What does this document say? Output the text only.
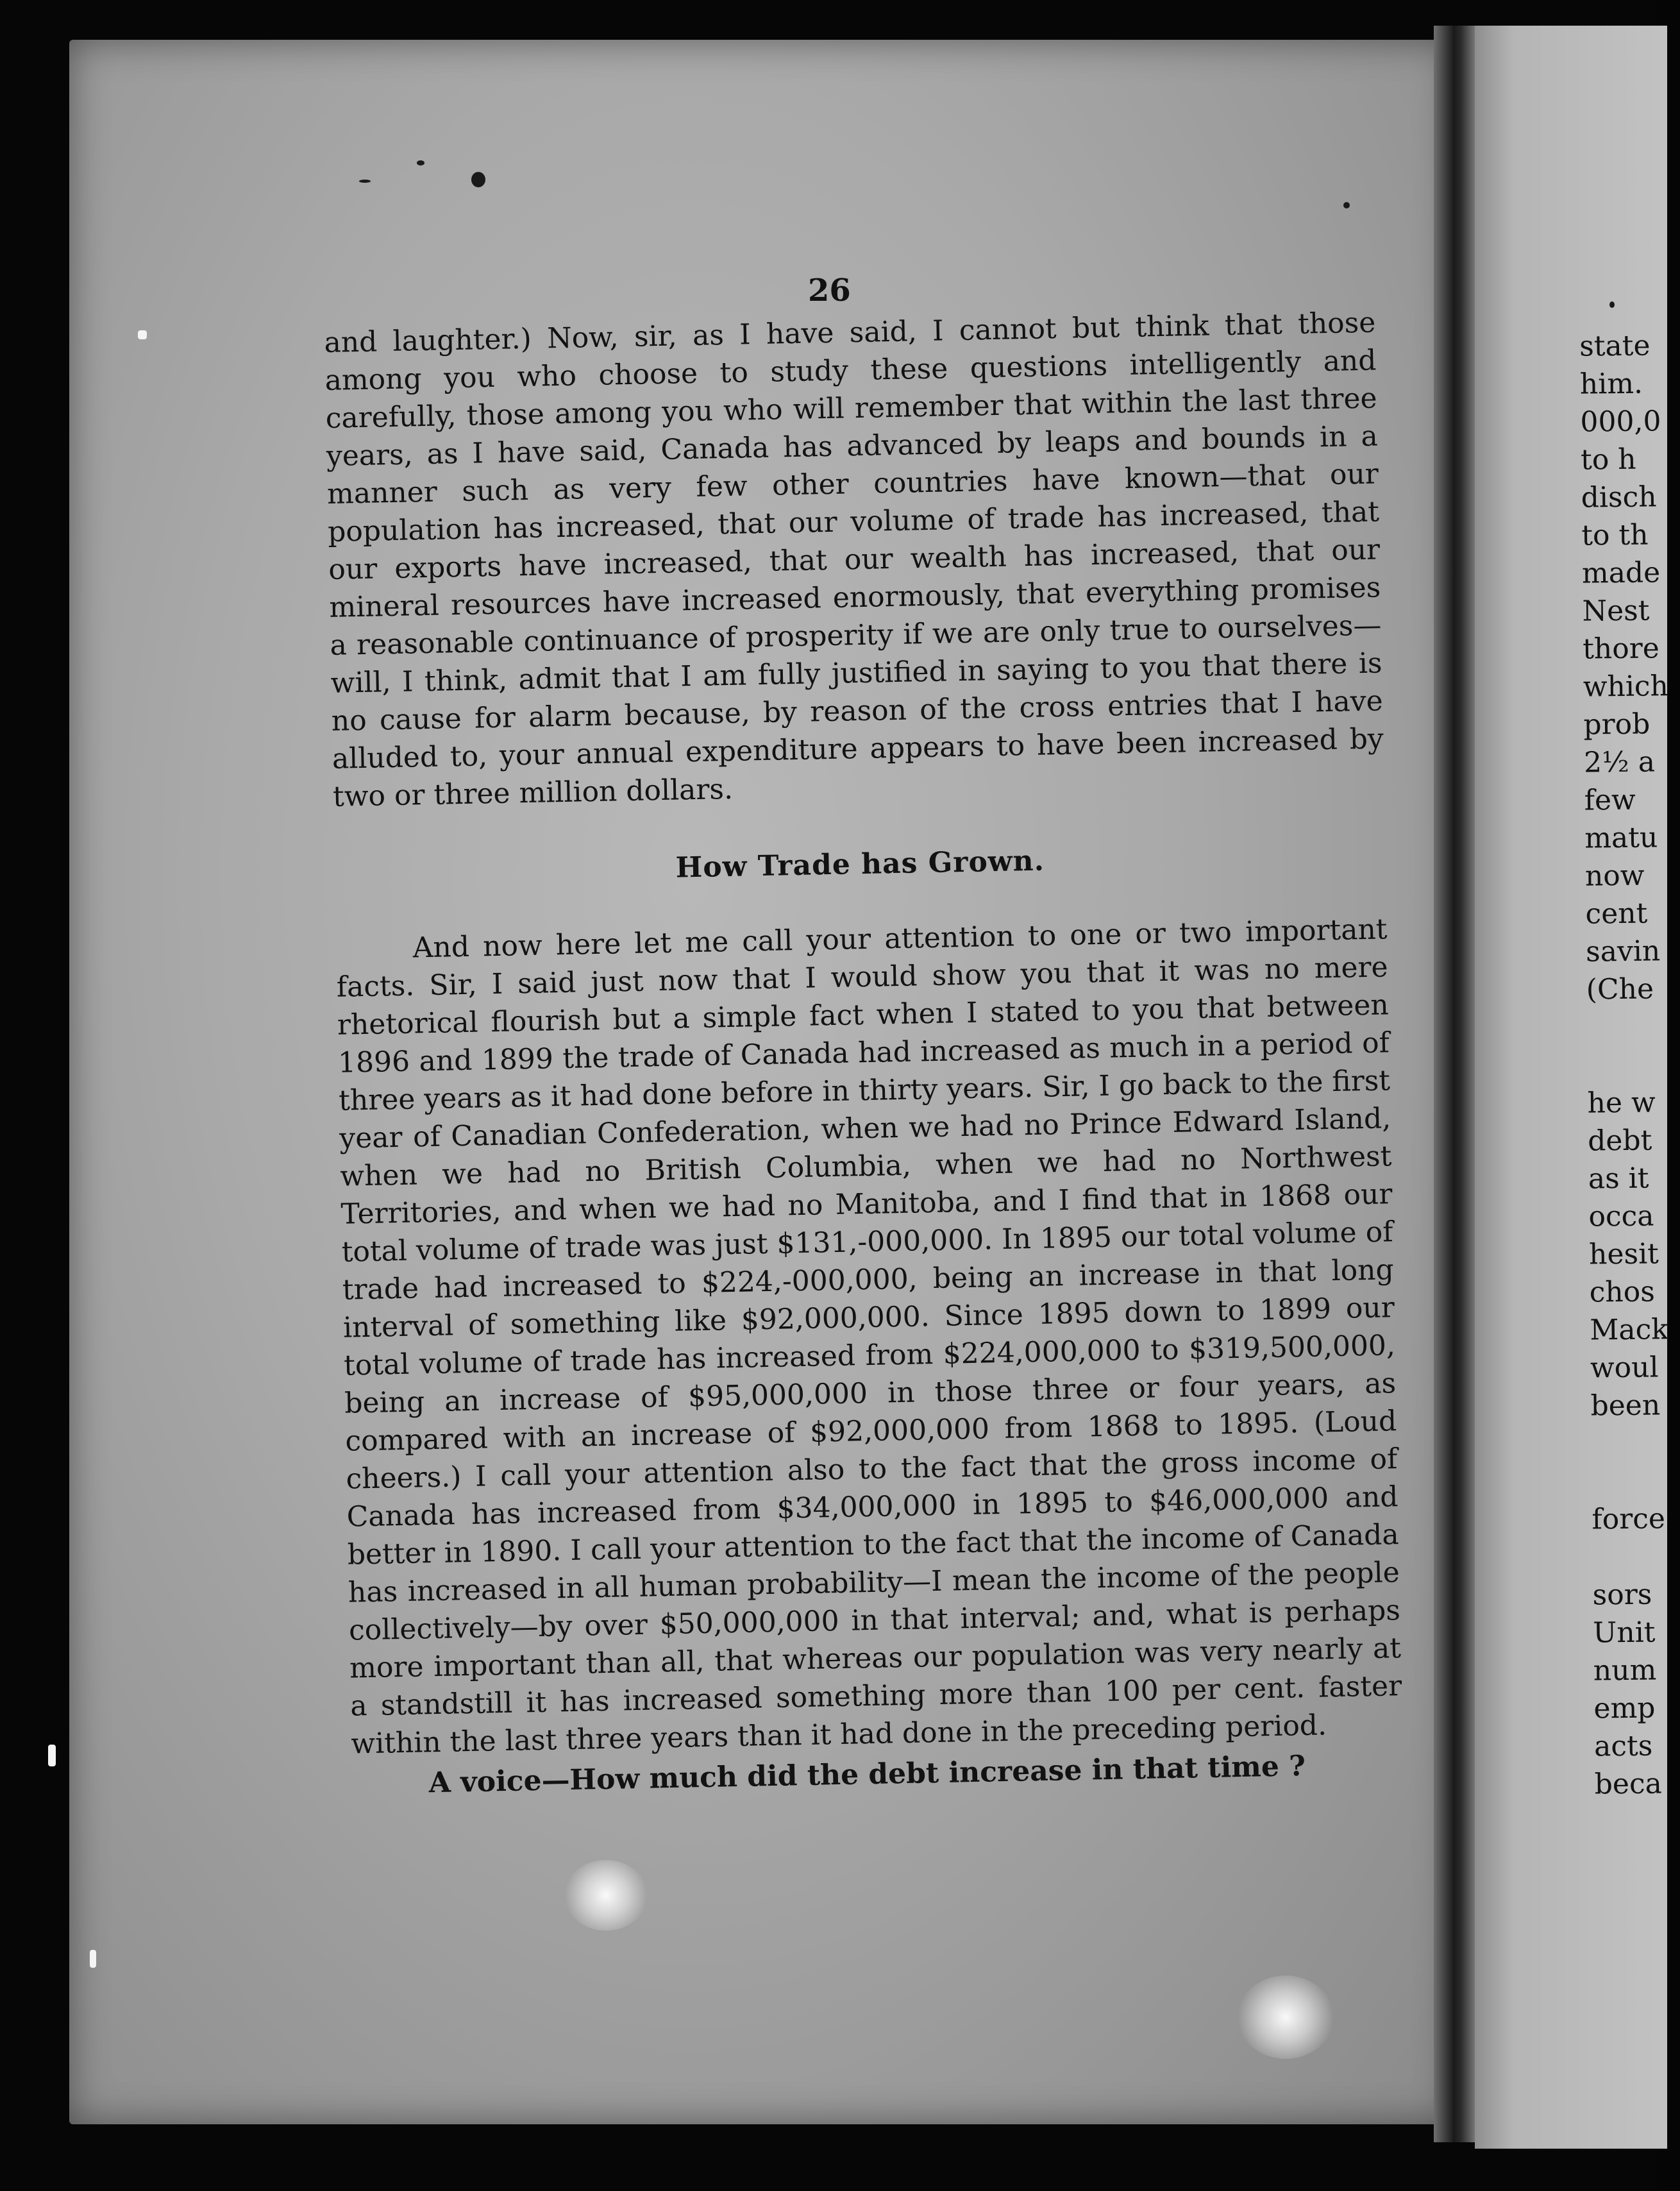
26

and laughter.) Now, sir, as I have said, I cannot but think that those among you who choose to study these questions intelligently and carefully, those among you who will remember that within the last three years, as I have said, Canada has advanced by leaps and bounds in a manner such as very few other countries have known—that our population has increased, that our volume of trade has increased, that our exports have increased, that our wealth has increased, that our mineral resources have increased enormously, that everything promises a reasonable continuance of prosperity if we are only true to ourselves—will, I think, admit that I am fully justified in saying to you that there is no cause for alarm because, by reason of the cross entries that I have alluded to, your annual expenditure appears to have been increased by two or three million dollars.

How Trade has Grown.

And now here let me call your attention to one or two important facts. Sir, I said just now that I would show you that it was no mere rhetorical flourish but a simple fact when I stated to you that between 1896 and 1899 the trade of Canada had increased as much in a period of three years as it had done before in thirty years. Sir, I go back to the first year of Canadian Confederation, when we had no Prince Edward Island, when we had no British Columbia, when we had no Northwest Territories, and when we had no Manitoba, and I find that in 1868 our total volume of trade was just $131,-000,000. In 1895 our total volume of trade had increased to $224,-000,000, being an increase in that long interval of something like $92,000,000. Since 1895 down to 1899 our total volume of trade has increased from $224,000,000 to $319,500,000, being an increase of $95,000,000 in those three or four years, as compared with an increase of $92,000,000 from 1868 to 1895. (Loud cheers.) I call your attention also to the fact that the gross income of Canada has increased from $34,000,000 in 1895 to $46,000,000 and better in 1890. I call your attention to the fact that the income of Canada has increased in all human probability—I mean the income of the people collectively—by over $50,000,000 in that interval; and, what is perhaps more important than all, that whereas our population was very nearly at a standstill it has increased something more than 100 per cent. faster within the last three years than it had done in the preceding period.

A voice—How much did the debt increase in that time ?

state
him.
000,0
to h
disch
to th
made
Nest
thore
which
prob
2½ a
few
matu
now
cent
savin
(Che
he w
debt
as it
occa
hesit
chos
Mack
woul
been
force
sors
Unit
num
emp
acts
beca
